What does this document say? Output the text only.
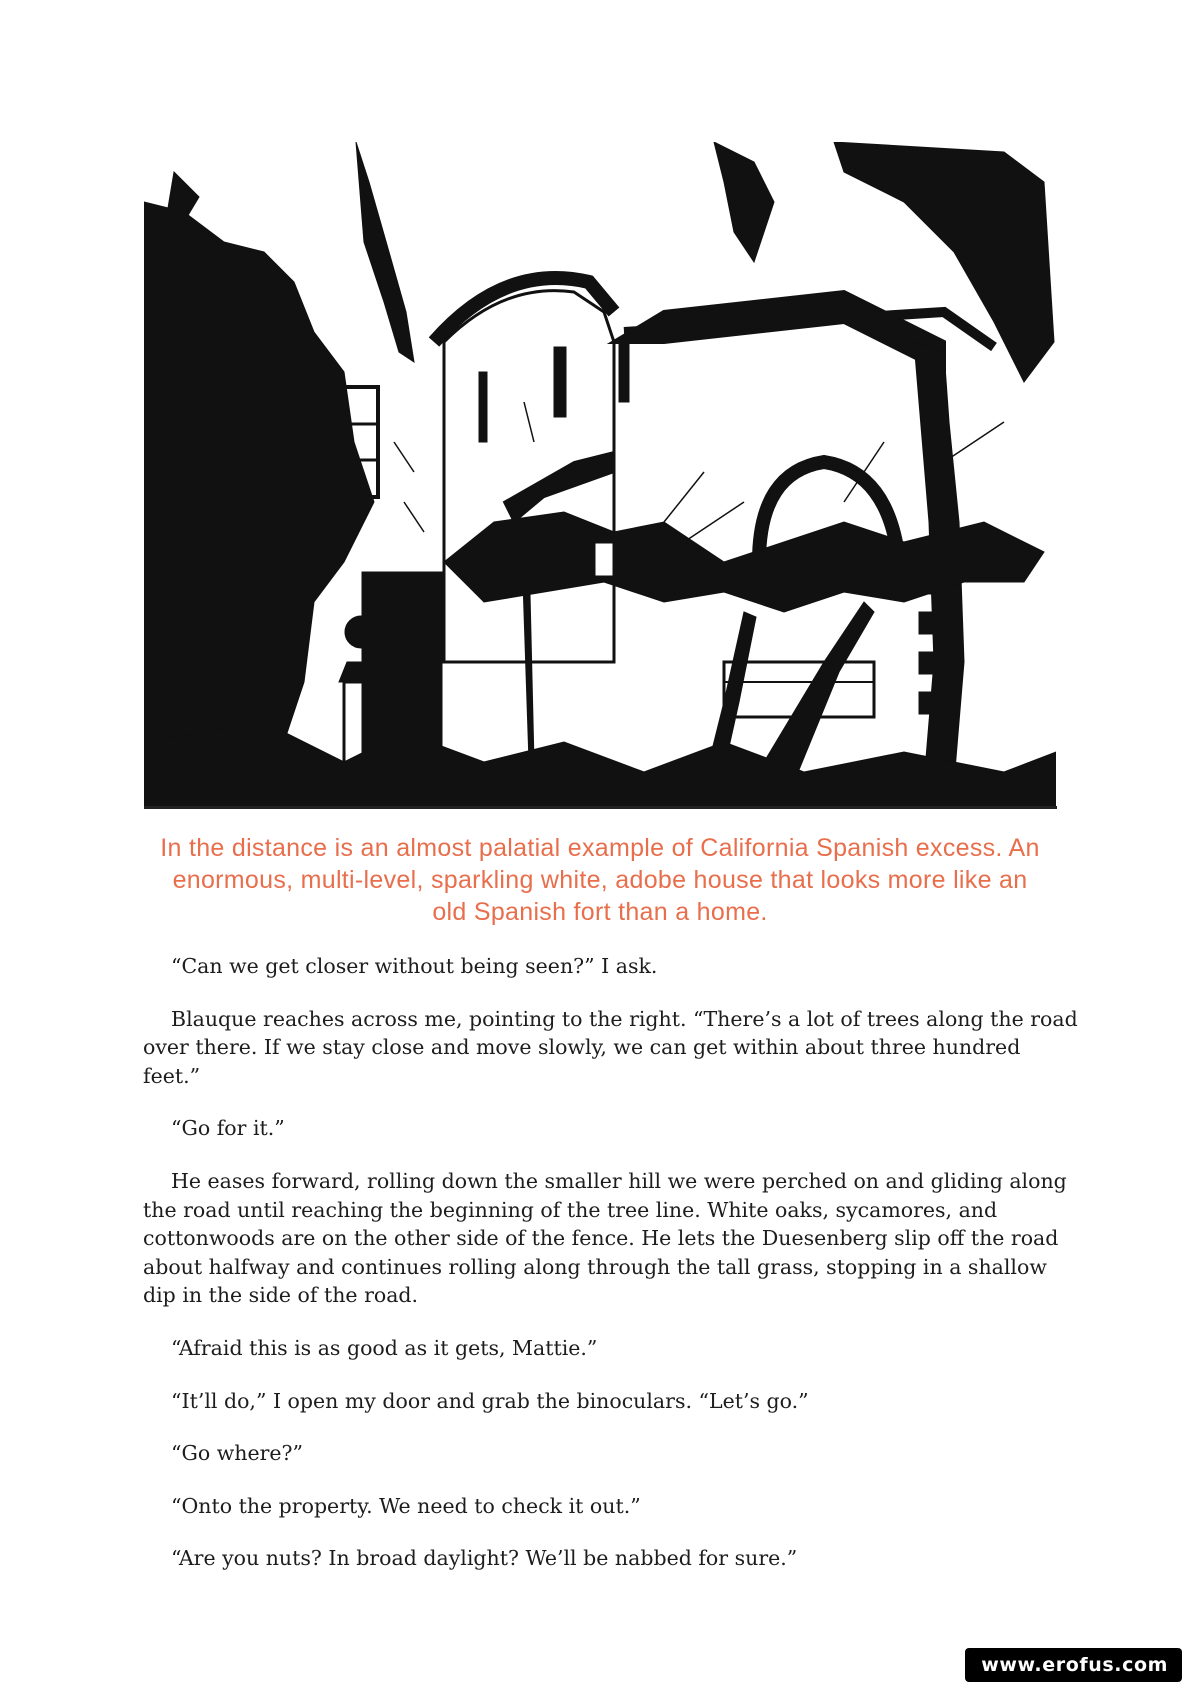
In the distance is an almost palatial example of California Spanish excess. An
enormous, multi-level, sparkling white, adobe house that looks more like an
old Spanish fort than a home.

“Can we get closer without being seen?” I ask.

Blauque reaches across me, pointing to the right. “There’s a lot of trees along the road
over there. If we stay close and move slowly, we can get within about three hundred
feet.”

“Go for it.”

He eases forward, rolling down the smaller hill we were perched on and gliding along
the road until reaching the beginning of the tree line. White oaks, sycamores, and
cottonwoods are on the other side of the fence. He lets the Duesenberg slip off the road
about halfway and continues rolling along through the tall grass, stopping in a shallow
dip in the side of the road.

“Afraid this is as good as it gets, Mattie.”

“It’ll do,” I open my door and grab the binoculars. “Let’s go.”

“Go where?”

“Onto the property. We need to check it out.”

“Are you nuts? In broad daylight? We’ll be nabbed for sure.”

www.erofus.com
